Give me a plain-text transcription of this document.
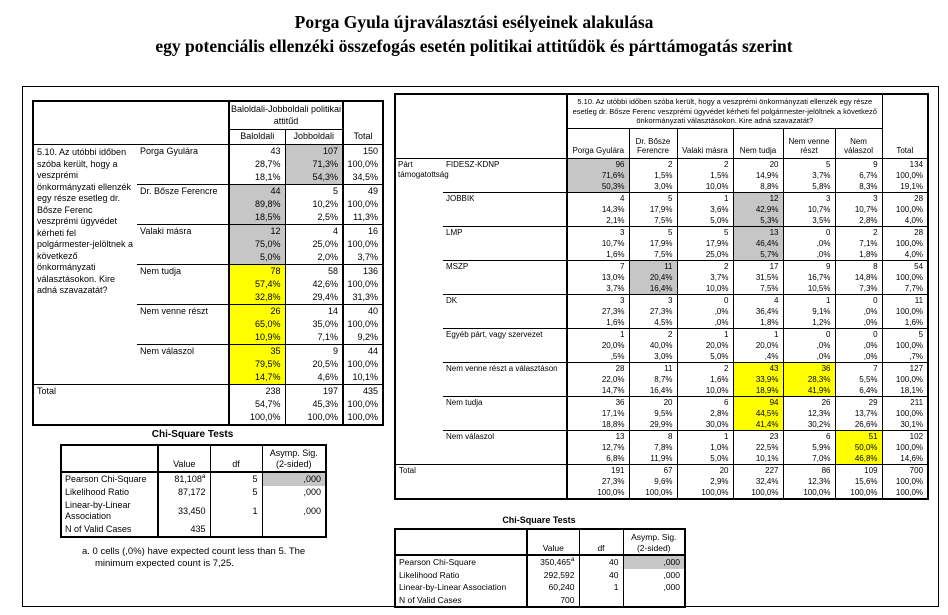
Porga Gyula újraválasztási esélyeinek alakulása
egy potenciális ellenzéki összefogás esetén politikai attitűdök és párttámogatás szerint
		Baloldali-Jobboldali politikai attitűd		Total
		Baloldali	Jobboldali	
5.10. Az utóbbi időben szóba került, hogy a veszprémi önkormányzati ellenzék egy része esetleg dr. Bősze Ferenc veszprémi ügyvédet kérheti fel polgármester-jelöltnek a következő önkormányzati választásokon. Kire adná szavazatát?	Porga Gyulára	43	107	150
		28,7%	71,3%	100,0%
		18,1%	54,3%	34,5%
	Dr. Bősze Ferencre	44	5	49
		89,8%	10,2%	100,0%
		18,5%	2,5%	11,3%
	Valaki másra	12	4	16
		75,0%	25,0%	100,0%
		5,0%	2,0%	3,7%
	Nem tudja	78	58	136
		57,4%	42,6%	100,0%
		32,8%	29,4%	31,3%
	Nem venne részt	26	14	40
		65,0%	35,0%	100,0%
		10,9%	7,1%	9,2%
	Nem válaszol	35	9	44
		79,5%	20,5%	100,0%
		14,7%	4,6%	10,1%
Total		238	197	435
		54,7%	45,3%	100,0%
		100,0%	100,0%	100,0%
Chi-Square Tests
	Value	df	Asymp. Sig. (2-sided)
Pearson Chi-Square	81,108$^a$	5	,000
Likelihood Ratio	87,172	5	,000
Linear-by-Linear Association	33,450	1	,000
N of Valid Cases	435		
a. 0 cells (,0%) have expected count less than 5. The
minimum expected count is 7,25.
		5.10. Az utóbbi időben szóba került, hogy a veszprémi önkormányzati ellenzék egy része esetleg dr. Bősze Ferenc veszprémi ügyvédet kérheti fel polgármester-jelöltnek a következő önkormányzati választásokon. Kire adná szavazatát?						Total
		Porga Gyulára	Dr. Bősze Ferencre	Valaki másra	Nem tudja	Nem venne részt	Nem válaszol	
Párt támogatottság	FIDESZ-KDNP	96	2	2	20	5	9	134
		71,6%	1,5%	1,5%	14,9%	3,7%	6,7%	100,0%
		50,3%	3,0%	10,0%	8,8%	5,8%	8,3%	19,1%
	JOBBIK	4	5	1	12	3	3	28
		14,3%	17,9%	3,6%	42,9%	10,7%	10,7%	100,0%
		2,1%	7,5%	5,0%	5,3%	3,5%	2,8%	4,0%
	LMP	3	5	5	13	0	2	28
		10,7%	17,9%	17,9%	46,4%	,0%	7,1%	100,0%
		1,6%	7,5%	25,0%	5,7%	,0%	1,8%	4,0%
	MSZP	7	11	2	17	9	8	54
		13,0%	20,4%	3,7%	31,5%	16,7%	14,8%	100,0%
		3,7%	16,4%	10,0%	7,5%	10,5%	7,3%	7,7%
	DK	3	3	0	4	1	0	11
		27,3%	27,3%	,0%	36,4%	9,1%	,0%	100,0%
		1,6%	4,5%	,0%	1,8%	1,2%	,0%	1,6%
	Egyéb párt, vagy szervezet	1	2	1	1	0	0	5
		20,0%	40,0%	20,0%	20,0%	,0%	,0%	100,0%
		,5%	3,0%	5,0%	,4%	,0%	,0%	,7%
	Nem venne részt a választáson	28	11	2	43	36	7	127
		22,0%	8,7%	1,6%	33,9%	28,3%	5,5%	100,0%
		14,7%	16,4%	10,0%	18,9%	41,9%	6,4%	18,1%
	Nem tudja	36	20	6	94	26	29	211
		17,1%	9,5%	2,8%	44,5%	12,3%	13,7%	100,0%
		18,8%	29,9%	30,0%	41,4%	30,2%	26,6%	30,1%
	Nem válaszol	13	8	1	23	6	51	102
		12,7%	7,8%	1,0%	22,5%	5,9%	50,0%	100,0%
		6,8%	11,9%	5,0%	10,1%	7,0%	46,8%	14,6%
Total		191	67	20	227	86	109	700
		27,3%	9,6%	2,9%	32,4%	12,3%	15,6%	100,0%
		100,0%	100,0%	100,0%	100,0%	100,0%	100,0%	100,0%
Chi-Square Tests
	Value	df	Asymp. Sig. (2-sided)
Pearson Chi-Square	350,465$^a$	40	,000
Likelihood Ratio	292,592	40	,000
Linear-by-Linear Association	60,240	1	,000
N of Valid Cases	700		
